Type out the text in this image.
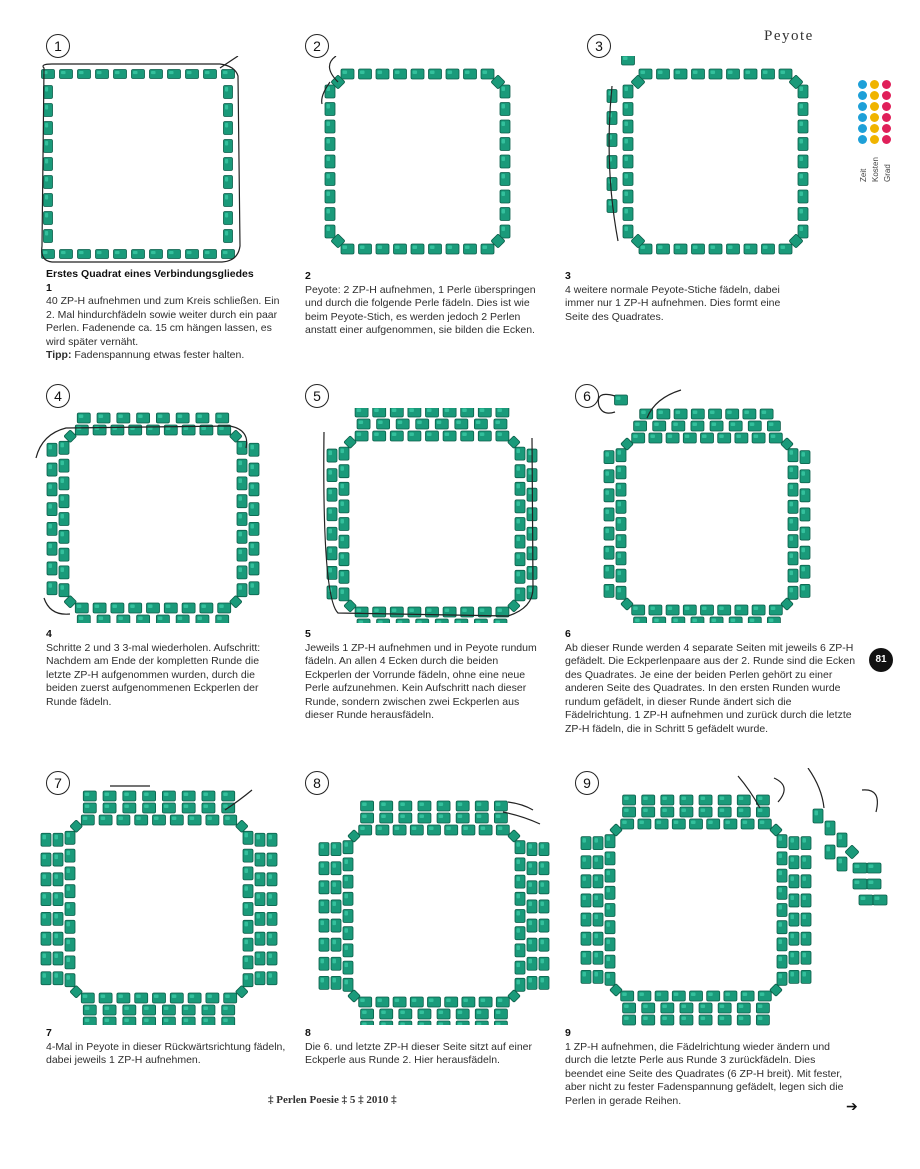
Peyote
Zeit Kosten Grad
1	2	3
4	5	6
7	8	9
Erstes Quadrat eines Verbindungsgliedes
1
40 ZP-H aufnehmen und zum Kreis schließen. Ein 2. Mal hindurchfädeln sowie weiter durch ein paar Perlen. Fadenende ca. 15 cm hängen lassen, es wird später vernäht.
Tipp: Fadenspannung etwas fester halten.
2
Peyote: 2 ZP-H aufnehmen, 1 Perle überspringen und durch die folgende Perle fädeln. Dies ist wie beim Peyote-Stich, es werden jedoch 2 Perlen anstatt einer aufgenommen, sie bilden die Ecken.
3
4 weitere normale Peyote-Stiche fädeln, dabei immer nur 1 ZP-H aufnehmen. Dies formt eine Seite des Quadrates.
4
Schritte 2 und 3 3-mal wiederholen. Aufschritt: Nachdem am Ende der kompletten Runde die letzte ZP-H aufgenommen wurden, durch die beiden zuerst aufgenommenen Eckperlen der Runde fädeln.
5
Jeweils 1 ZP-H aufnehmen und in Peyote rundum fädeln. An allen 4 Ecken durch die beiden Eckperlen der Vorrunde fädeln, ohne eine neue Perle aufzunehmen. Kein Aufschritt nach dieser Runde, sondern zwischen zwei Eckperlen aus dieser Runde herausfädeln.
6
Ab dieser Runde werden 4 separate Seiten mit jeweils 6 ZP-H gefädelt. Die Eckperlenpaare aus der 2. Runde sind die Ecken des Quadrates. Je eine der beiden Perlen gehört zu einer anderen Seite des Quadrates. In den ersten Runden wurde rundum gefädelt, in dieser Runde ändert sich die Fädelrichtung. 1 ZP-H aufnehmen und zurück durch die letzte ZP-H fädeln, die in Schritt 5 gefädelt wurde.
7
4-Mal in Peyote in dieser Rückwärtsrichtung fädeln, dabei jeweils 1 ZP-H aufnehmen.
8
Die 6. und letzte ZP-H dieser Seite sitzt auf einer Eckperle aus Runde 2. Hier herausfädeln.
9
1 ZP-H aufnehmen, die Fädelrichtung wieder ändern und durch die letzte Perle aus Runde 3 zurückfädeln. Dies beendet eine Seite des Quadrates (6 ZP-H breit). Mit fester, aber nicht zu fester Fadenspannung gefädelt, legen sich die Perlen in gerade Reihen.
81
‡ Perlen Poesie ‡ 5 ‡ 2010 ‡	➔
